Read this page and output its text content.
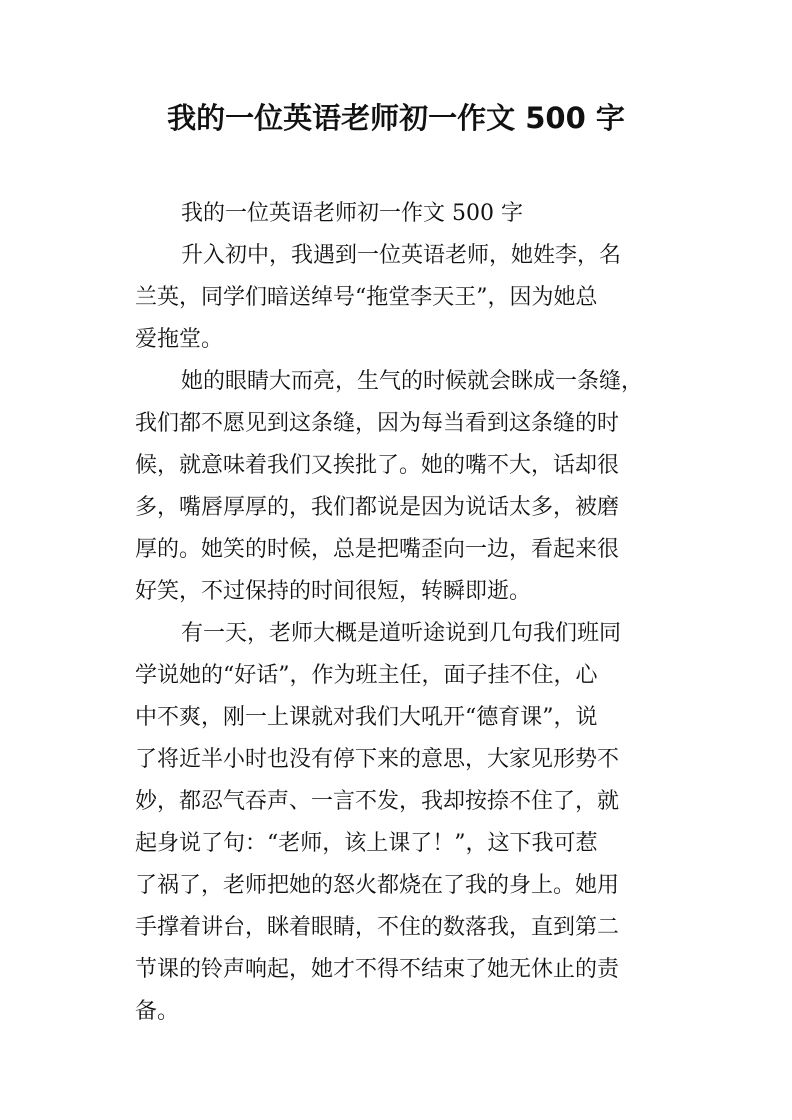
我的一位英语老师初一作文 500 字

我的一位英语老师初一作文 500 字

升入初中，我遇到一位英语老师，她姓李，名

兰英，同学们暗送绰号“拖堂李天王”，因为她总

爱拖堂。

她的眼睛大而亮，生气的时候就会眯成一条缝，

我们都不愿见到这条缝，因为每当看到这条缝的时

候，就意味着我们又挨批了。她的嘴不大，话却很

多，嘴唇厚厚的，我们都说是因为说话太多，被磨

厚的。她笑的时候，总是把嘴歪向一边，看起来很

好笑，不过保持的时间很短，转瞬即逝。

有一天，老师大概是道听途说到几句我们班同

学说她的“好话”，作为班主任，面子挂不住，心

中不爽，刚一上课就对我们大吼开“德育课”，说

了将近半小时也没有停下来的意思，大家见形势不

妙，都忍气吞声、一言不发，我却按捺不住了，就

起身说了句：“老师，该上课了！”，这下我可惹

了祸了，老师把她的怒火都烧在了我的身上。她用

手撑着讲台，眯着眼睛，不住的数落我，直到第二

节课的铃声响起，她才不得不结束了她无休止的责

备。
